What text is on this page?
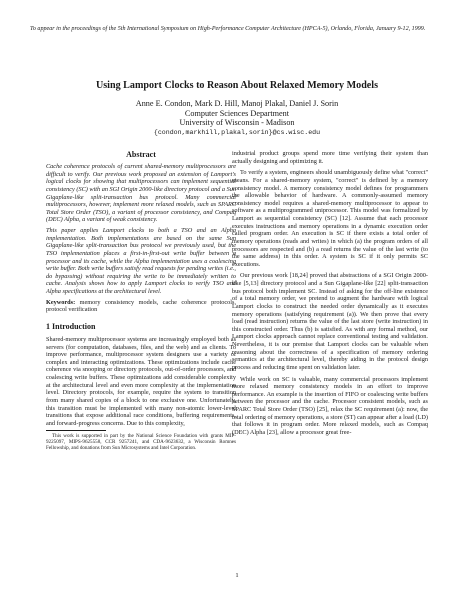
To appear in the proceedings of the 5th International Symposium on High-Performance Computer Architecture (HPCA-5), Orlando, Florida, January 9-12, 1999.
Using Lamport Clocks to Reason About Relaxed Memory Models
Anne E. Condon, Mark D. Hill, Manoj Plakal, Daniel J. Sorin
Computer Sciences Department
University of Wisconsin - Madison
{condon,markhill,plakal,sorin}@cs.wisc.edu
Abstract

Cache coherence protocols of current shared-memory multiprocessors are difficult to verify. Our previous work proposed an extension of Lamport's logical clocks for showing that multiprocessors can implement sequential consistency (SC) with an SGI Origin 2000-like directory protocol and a Sun Gigaplane-like split-transaction bus protocol. Many commercial multiprocessors, however, implement more relaxed models, such as SPARC Total Store Order (TSO), a variant of processor consistency, and Compaq (DEC) Alpha, a variant of weak consistency.

This paper applies Lamport clocks to both a TSO and an Alpha implementation. Both implementations are based on the same Sun Gigaplane-like split-transaction bus protocol we previously used, but the TSO implementation places a first-in-first-out write buffer between a processor and its cache, while the Alpha implementation uses a coalescing write buffer. Both write buffers satisfy read requests for pending writes (i.e., do bypassing) without requiring the write to be immediately written to cache. Analysis shows how to apply Lamport clocks to verify TSO and Alpha specifications at the architectural level.

Keywords: memory consistency models, cache coherence protocols, protocol verification
1 Introduction

Shared-memory multiprocessor systems are increasingly employed both as servers (for computation, databases, files, and the web) and as clients. To improve performance, multiprocessor system designers use a variety of complex and interacting optimizations. These optimizations include cache coherence via snooping or directory protocols, out-of-order processors, and coalescing write buffers. These optimizations add considerable complexity at the architectural level and even more complexity at the implementation level. Directory protocols, for example, require the system to transition from many shared copies of a block to one exclusive one. Unfortunately, this transition must be implemented with many non-atomic lower-level transitions that expose additional race conditions, buffering requirements, and forward-progress concerns. Due to this complexity,

This work is supported in part by the National Science Foundation with grants MIP-9225097, MIPS-9625558, CCR 9257241, and CDA-9623632, a Wisconsin Romnes Fellowship, and donations from Sun Microsystems and Intel Corporation.

industrial product groups spend more time verifying their system than actually designing and optimizing it.

To verify a system, engineers should unambiguously define what "correct" means. For a shared-memory system, "correct" is defined by a memory consistency model. A memory consistency model defines for programmers the allowable behavior of hardware. A commonly-assumed memory consistency model requires a shared-memory multiprocessor to appear to software as a multiprogrammed uniprocessor. This model was formalized by Lamport as sequential consistency (SC) [12]. Assume that each processor executes instructions and memory operations in a dynamic execution order called program order. An execution is SC if there exists a total order of memory operations (reads and writes) in which (a) the program orders of all processors are respected and (b) a read returns the value of the last write (to the same address) in this order. A system is SC if it only permits SC executions.

Our previous work [18,24] proved that abstractions of a SGI Origin 2000-like [5,13] directory protocol and a Sun Gigaplane-like [22] split-transaction bus protocol both implement SC. Instead of asking for the off-line existence of a total memory order, we pretend to augment the hardware with logical Lamport clocks to construct the needed order dynamically as it executes memory operations (satisfying requirement (a)). We then prove that every load (read instruction) returns the value of the last store (write instruction) in this constructed order. Thus (b) is satisfied. As with any formal method, our Lamport clocks approach cannot replace conventional testing and validation. Nevertheless, it is our premise that Lamport clocks can be valuable when reasoning about the correctness of a specification of memory ordering semantics at the architectural level, thereby aiding in the protocol design process and reducing time spent on validation later.

While work on SC is valuable, many commercial processors implement more relaxed memory consistency models in an effort to improve performance. An example is the insertion of FIFO or coalescing write buffers between the processor and the cache. Processor consistent models, such as SPARC Total Store Order (TSO) [25], relax the SC requirement (a): now, the total ordering of memory operations, a store (ST) can appear after a load (LD) that follows it in program order. More relaxed models, such as Compaq (DEC) Alpha [23], allow a processor great free-

1
